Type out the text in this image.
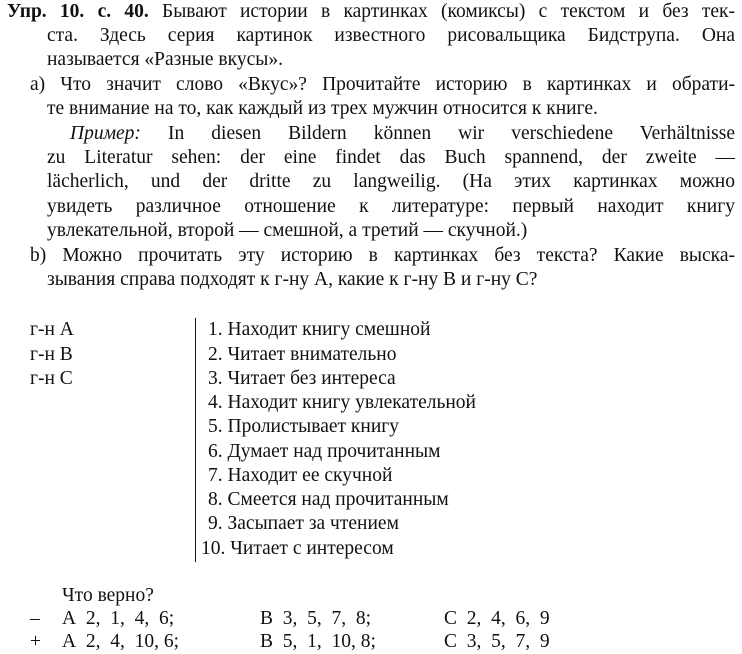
Упр. 10. с. 40. Бывают истории в картинках (комиксы) с текстом и без тек-
ста. Здесь серия картинок известного рисовальщика Бидструпа. Она
называется «Разные вкусы».
а) Что значит слово «Вкус»? Прочитайте историю в картинках и обрати-
те внимание на то, как каждый из трех мужчин относится к книге.
Пример: In diesen Bildern können wir verschiedene Verhältnisse
zu Literatur sehen: der eine findet das Buch spannend, der zweite —
lächerlich, und der dritte zu langweilig. (На этих картинках можно
увидеть различное отношение к литературе: первый находит книгу
увлекательной, второй — смешной, а третий — скучной.)
b) Можно прочитать эту историю в картинках без текста? Какие выска-
зывания справа подходят к г-ну А, какие к г-ну В и г-ну С?
г-н А
г-н В
г-н С
1. Находит книгу смешной
2. Читает внимательно
3. Читает без интереса
4. Находит книгу увлекательной
5. Пролистывает книгу
6. Думает над прочитанным
7. Находит ее скучной
8. Смеется над прочитанным
9. Засыпает за чтением
10. Читает с интересом
Что верно?
– А  2,  1,  4,  6;	В  3,  5,  7,  8;	С  2,  4,  6,  9
+ А  2,  4,  10, 6;	В  5,  1,  10, 8;	С  3,  5,  7,  9
